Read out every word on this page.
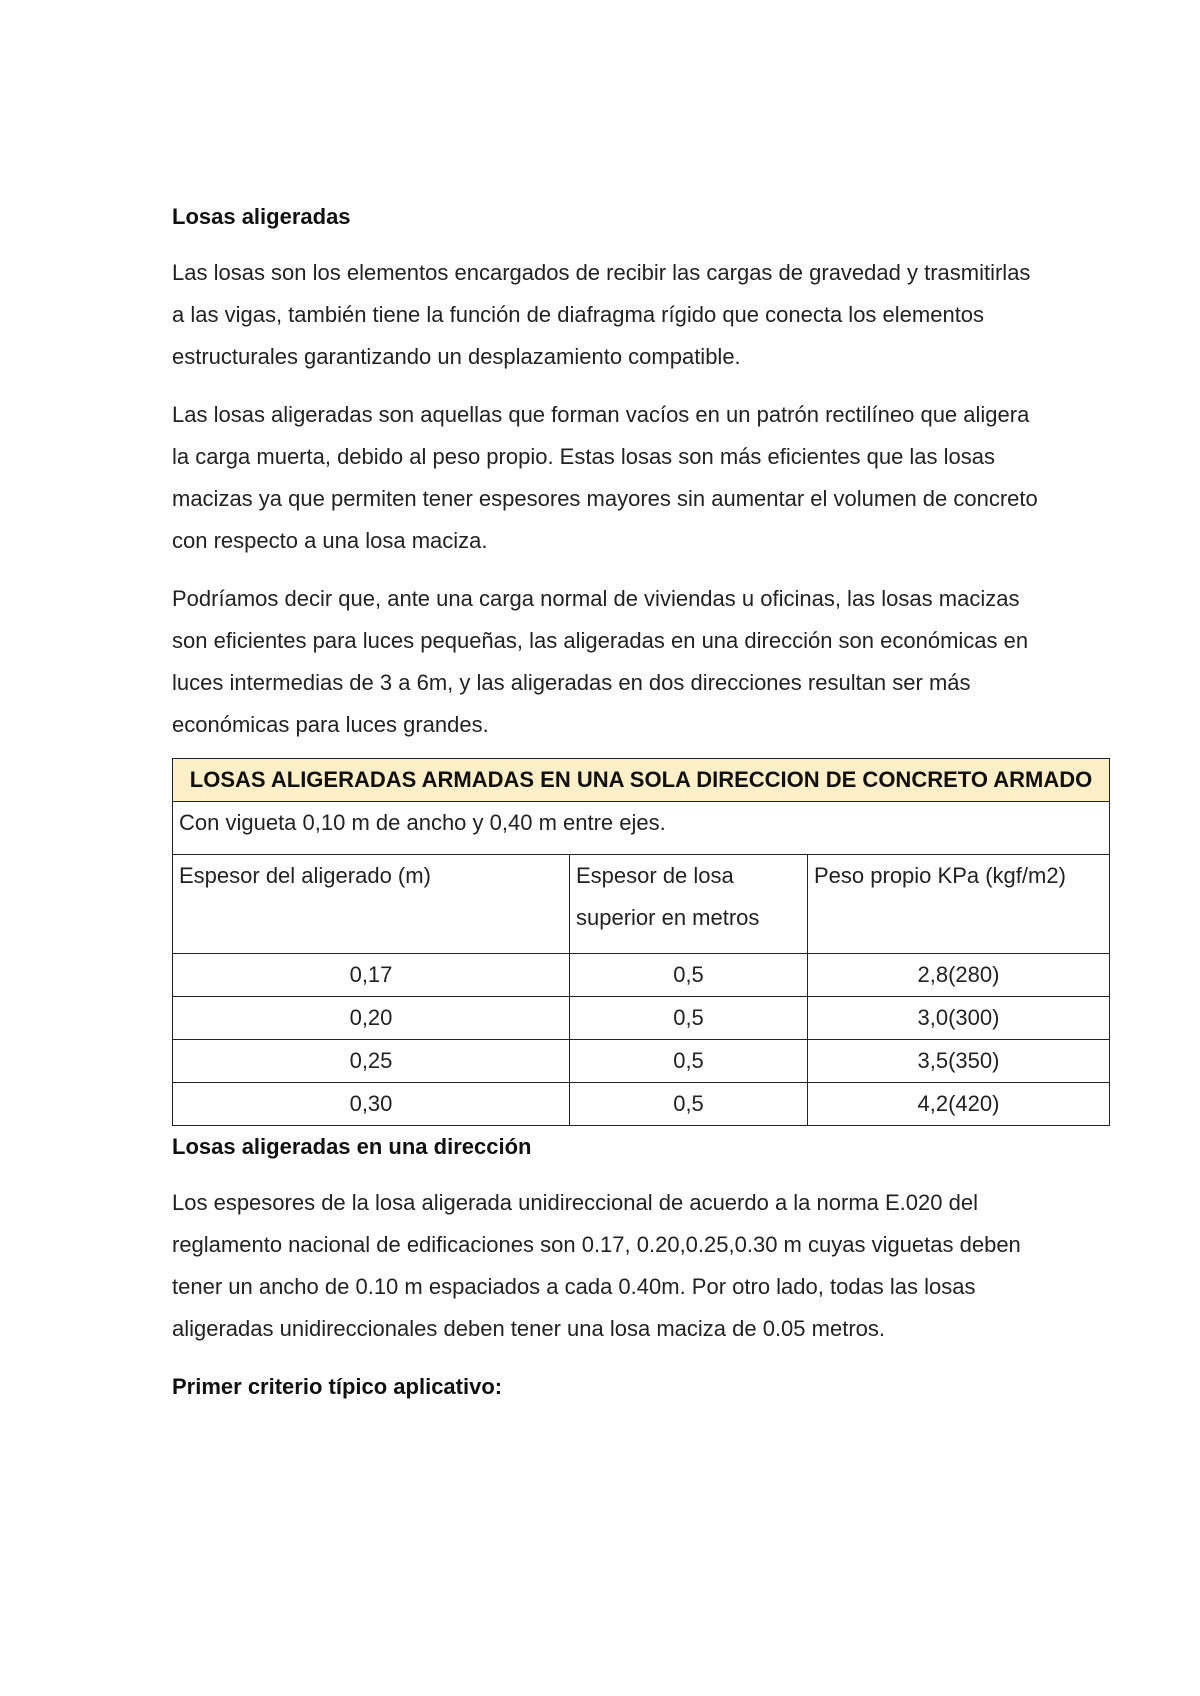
Losas aligeradas

Las losas son los elementos encargados de recibir las cargas de gravedad y trasmitirlas a las vigas, también tiene la función de diafragma rígido que conecta los elementos estructurales garantizando un desplazamiento compatible.

Las losas aligeradas son aquellas que forman vacíos en un patrón rectilíneo que aligera la carga muerta, debido al peso propio. Estas losas son más eficientes que las losas macizas ya que permiten tener espesores mayores sin aumentar el volumen de concreto con respecto a una losa maciza.

Podríamos decir que, ante una carga normal de viviendas u oficinas, las losas macizas son eficientes para luces pequeñas, las aligeradas en una dirección son económicas en luces intermedias de 3 a 6m, y las aligeradas en dos direcciones resultan ser más económicas para luces grandes.

LOSAS ALIGERADAS ARMADAS EN UNA SOLA DIRECCION DE CONCRETO ARMADO		
Con vigueta 0,10 m de ancho y 0,40 m entre ejes.		
Espesor del aligerado (m)	Espesor de losa superior en metros	Peso propio KPa (kgf/m2)
0,17	0,5	2,8(280)
0,20	0,5	3,0(300)
0,25	0,5	3,5(350)
0,30	0,5	4,2(420)

Losas aligeradas en una dirección

Los espesores de la losa aligerada unidireccional de acuerdo a la norma E.020 del reglamento nacional de edificaciones son 0.17, 0.20,0.25,0.30 m cuyas viguetas deben tener un ancho de 0.10 m espaciados a cada 0.40m. Por otro lado, todas las losas aligeradas unidireccionales deben tener una losa maciza de 0.05 metros.

Primer criterio típico aplicativo:
